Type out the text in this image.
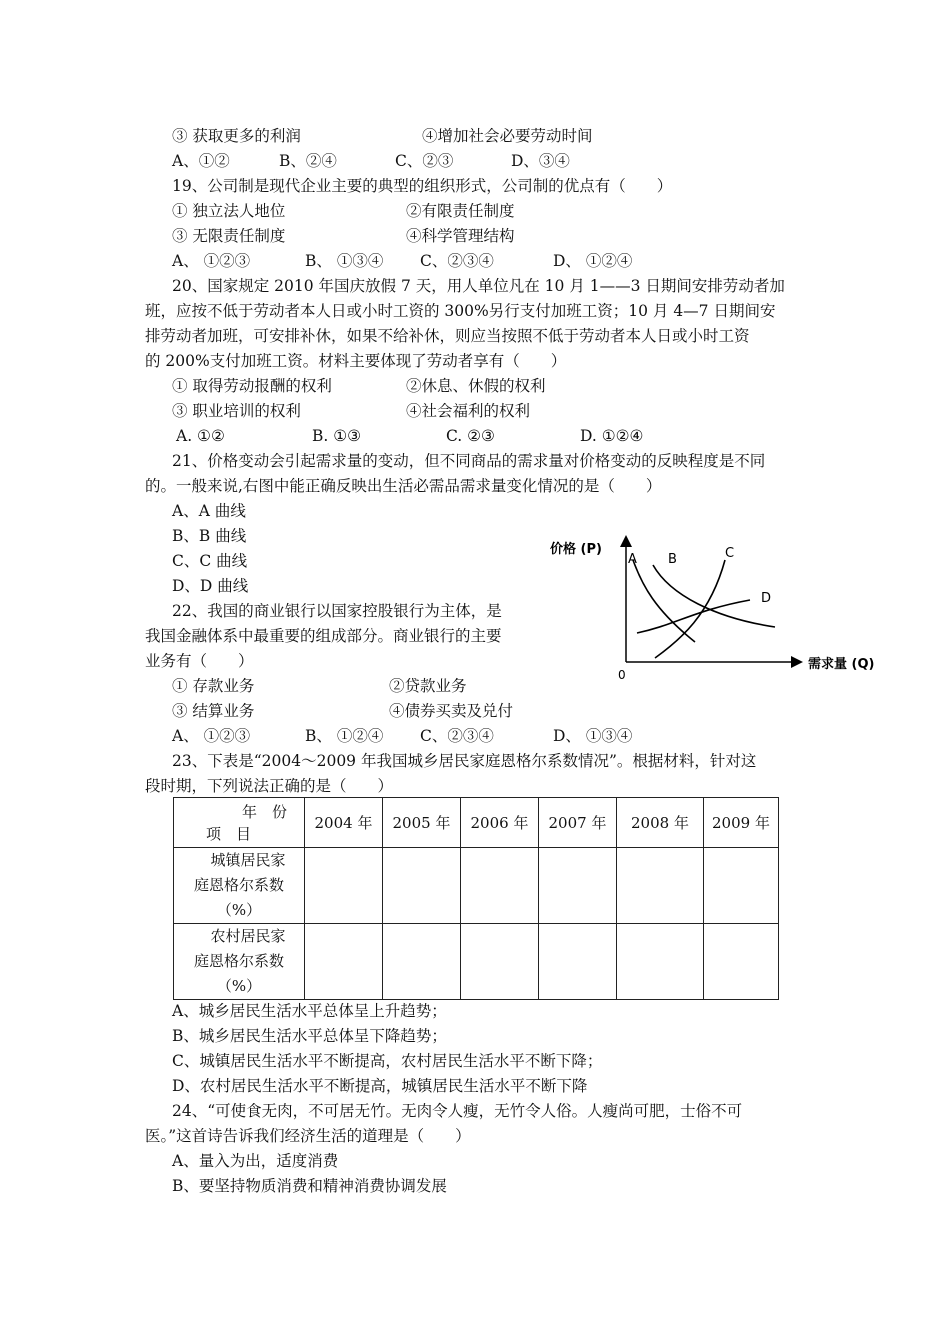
③ 获取更多的利润	④增加社会必要劳动时间
A、①②	B、②④	C、②③	D、③④
19、公司制是现代企业主要的典型的组织形式，公司制的优点有（　　）
① 独立法人地位	②有限责任制度
③ 无限责任制度	④科学管理结构
A、 ①②③	B、 ①③④ C、②③④	D、 ①②④
20、国家规定 2010 年国庆放假 7 天，用人单位凡在 10 月 1——3 日期间安排劳动者加
班，应按不低于劳动者本人日或小时工资的 300%另行支付加班工资；10 月 4—7 日期间安
排劳动者加班，可安排补休，如果不给补休，则应当按照不低于劳动者本人日或小时工资
的 200%支付加班工资。材料主要体现了劳动者享有（　　）
① 取得劳动报酬的权利	②休息、休假的权利
③ 职业培训的权利	④社会福利的权利
A. ①②	B. ①③	C. ②③	D. ①②④
21、价格变动会引起需求量的变动，但不同商品的需求量对价格变动的反映程度是不同
的。一般来说,右图中能正确反映出生活必需品需求量变化情况的是（　　）
A、A 曲线
B、B 曲线
C、C 曲线
D、D 曲线
价格 (P)
需求量 (Q)
0
A B	C
D
22、我国的商业银行以国家控股银行为主体，是
我国金融体系中最重要的组成部分。商业银行的主要
业务有（　　）
① 存款业务	②贷款业务
③ 结算业务	④债券买卖及兑付
A、 ①②③	B、 ①②④ C、②③④	D、 ①③④
23、下表是“2004～2009 年我国城乡居民家庭恩格尔系数情况”。根据材料，针对这
段时期，下列说法正确的是（　　）
年　份
项　目	2004 年	2005 年	2006 年	2007 年	2008 年	2009 年

城镇居民家
庭恩格尔系数
（%）						

农村居民家
庭恩格尔系数
（%）						

A、城乡居民生活水平总体呈上升趋势；
B、城乡居民生活水平总体呈下降趋势；
C、城镇居民生活水平不断提高，农村居民生活水平不断下降；
D、农村居民生活水平不断提高，城镇居民生活水平不断下降
24、“可使食无肉，不可居无竹。无肉令人瘦，无竹令人俗。人瘦尚可肥，士俗不可
医。”这首诗告诉我们经济生活的道理是（　　）
A、量入为出，适度消费
B、要坚持物质消费和精神消费协调发展
